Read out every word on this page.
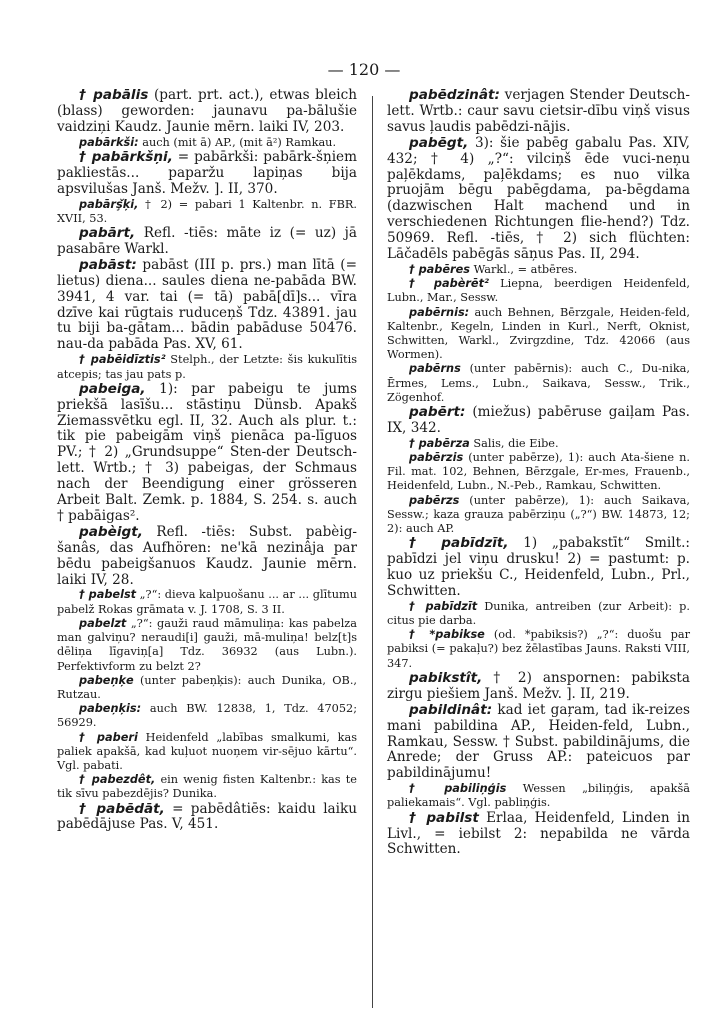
— 120 —

† pabālis (part. prt. act.), etwas bleich (blass) geworden: jaunavu pa-bālušie vaidziņi Kaudz. Jaunie mērn. laiki IV, 203.

pabārkši: auch (mit ā) AP., (mit ā²) Ramkau.

† pabārkšņi, = pabārkši: pabārk-šņiem pakliestās... paparžu lapiņas bija apsvilušas Janš. Mežv. ]. II, 370.

pabārş̌ķi, † 2) = pabari 1 Kaltenbr. n. FBR. XVII, 53.

pabārt, Refl. -tiēs: māte iz (= uz) jā pasabāre Warkl.

pabāst: pabāst (III p. prs.) man lītā (= lietus) diena... saules diena ne-pabāda BW. 3941, 4 var. tai (= tā) pabā[dī]s... vīra dzīve kai rūgtais ruduceņš Tdz. 43891. jau tu biji ba-gātam... bādin pabāduse 50476. nau-da pabāda Pas. XV, 61.

† pabēidīztis² Stelph., der Letzte: šis kukulītis atcepis; tas jau pats p.

pabeiga, 1): par pabeigu te jums priekšā lasīšu... stāstiņu Dünsb. Apakš Ziemassvētku egl. II, 32. Auch als plur. t.: tik pie pabeigām viņš pienāca pa-līguos PV.; † 2) „Grundsuppe“ Sten-der Deutsch-lett. Wrtb.; † 3) pabeigas, der Schmaus nach der Beendigung einer grösseren Arbeit Balt. Zemk. p. 1884, S. 254. s. auch † pabāigas².

pabèigt, Refl. -tiēs: Subst. pabèig-šanâs, das Aufhören: ne'kā nezinâja par bēdu pabeigšanuos Kaudz. Jaunie mērn. laiki IV, 28.

† pabelst „?“: dieva kalpuošanu ... ar ... glītumu pabelž Rokas grāmata v. J. 1708, S. 3 II.

pabelzt „?“: gauži raud māmuliņa: kas pabelza man galviņu? neraudi[i] gauži, mā-muliņa! belz[t]s dēliņa līgaviņ[a] Tdz. 36932 (aus Lubn.). Perfektivform zu belzt 2?

pabeņķe (unter pabeņķis): auch Dunika, OB., Rutzau.

pabeņķis: auch BW. 12838, 1, Tdz. 47052; 56929.

† paberi Heidenfeld „labības smalkumi, kas paliek apakšā, kad kuļuot nuoņem vir-sējuo kārtu“. Vgl. pabati.

† pabezdêt, ein wenig fisten Kaltenbr.: kas te tik sīvu pabezdējis? Dunika.

† pabēdāt, = pabēdâtiēs: kaidu laiku pabēdājuse Pas. V, 451.

pabēdzinât: verjagen Stender Deutsch-lett. Wrtb.: caur savu cietsir-dību viņš visus savus ļaudis pabēdzi-nājis.

pabēgt, 3): šie pabēg gabalu Pas. XIV, 432; † 4) „?“: vilciņš ēde vuci-neņu paļēkdams, paļēkdams; es nuo vilka pruojām bēgu pabēgdama, pa-bēgdama (dazwischen Halt machend und in verschiedenen Richtungen flie-hend?) Tdz. 50969. Refl. -tiēs, † 2) sich flüchten: Lāčadēls pabēgās sāņus Pas. II, 294.

† pabēres Warkl., = atbēres.

† pabèrēt² Liepna, beerdigen Heidenfeld, Lubn., Mar., Sessw.

pabērnis: auch Behnen, Bērzgale, Heiden-feld, Kaltenbr., Kegeln, Linden in Kurl., Nerft, Oknist, Schwitten, Warkl., Zvirgzdine, Tdz. 42066 (aus Wormen).

pabērns (unter pabērnis): auch C., Du-nika, Ērmes, Lems., Lubn., Saikava, Sessw., Trik., Zögenhof.

pabērt: (miežus) pabēruse gaiļam Pas. IX, 342.

† pabērza Salis, die Eibe.

pabērzis (unter pabērze), 1): auch Ata-šiene n. Fil. mat. 102, Behnen, Bērzgale, Er-mes, Frauenb., Heidenfeld, Lubn., N.-Peb., Ramkau, Schwitten.

pabērzs (unter pabērze), 1): auch Saikava, Sessw.; kaza grauza pabērziņu („?“) BW. 14873, 12; 2): auch AP.

† pabīdzīt, 1) „pabakstīt“ Smilt.: pabīdzi jel viņu drusku! 2) = pastumt: p. kuo uz priekšu C., Heidenfeld, Lubn., Prl., Schwitten.

† pabīdzīt Dunika, antreiben (zur Arbeit): p. citus pie darba.

† *pabikse (od. *pabiksis?) „?“: duošu par pabiksi (= pakaļu?) bez žēlastības Jauns. Raksti VIII, 347.

pabikstît, † 2) anspornen: pabiksta zirgu piešiem Janš. Mežv. ]. II, 219.

pabildinât: kad iet gaŗam, tad ik-reizes mani pabildina AP., Heiden-feld, Lubn., Ramkau, Sessw. † Subst. pabildinājums, die Anrede; der Gruss AP.: pateicuos par pabildinājumu!

† pabiliņģis Wessen „biliņģis, apakšā paliekamais“. Vgl. pabliņģis.

† pabilst Erlaa, Heidenfeld, Linden in Livl., = iebilst 2: nepabilda ne vārda Schwitten.
